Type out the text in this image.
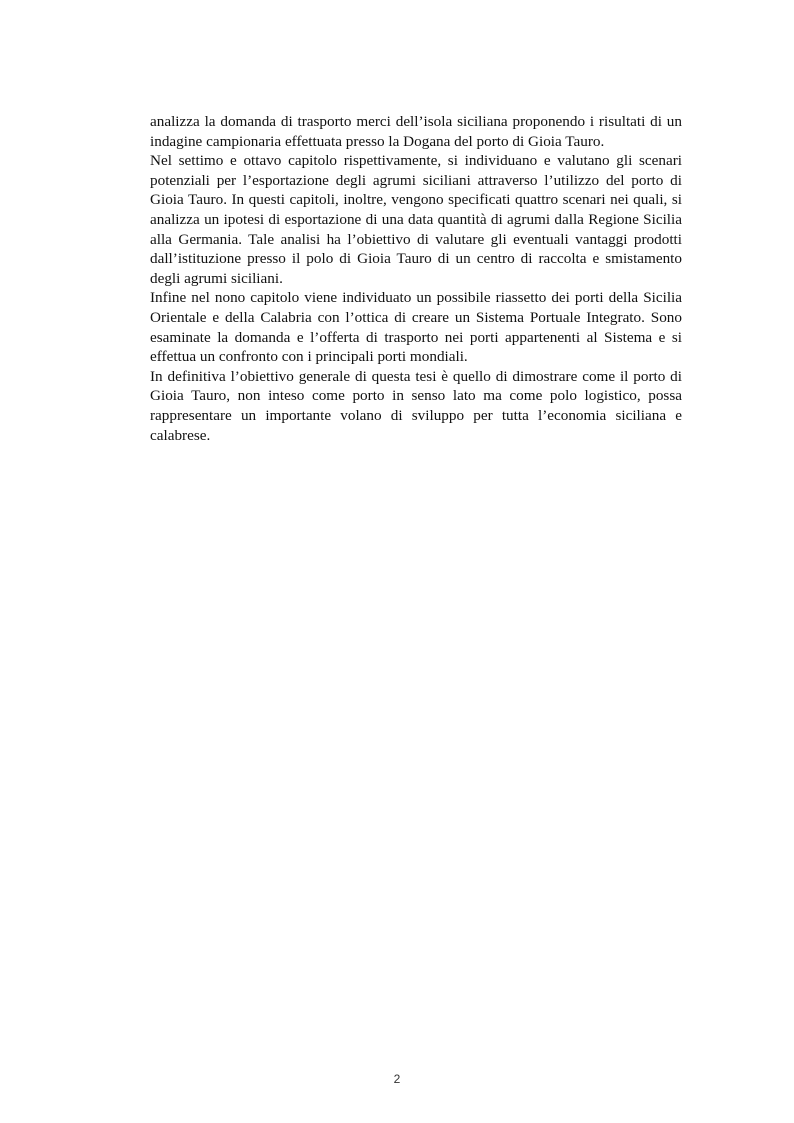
analizza la domanda di trasporto merci dell’isola siciliana proponendo i risultati di un indagine campionaria effettuata presso la Dogana del porto di Gioia Tauro.

Nel settimo e ottavo capitolo rispettivamente, si individuano e valutano gli scenari potenziali per l’esportazione degli agrumi siciliani attraverso l’utilizzo del porto di Gioia Tauro. In questi capitoli, inoltre, vengono specificati quattro scenari nei quali, si analizza un ipotesi di esportazione di una data quantità di agrumi dalla Regione Sicilia alla Germania. Tale analisi ha l’obiettivo di valutare gli eventuali vantaggi prodotti dall’istituzione presso il polo di Gioia Tauro di un centro di raccolta e smistamento degli agrumi siciliani.

Infine nel nono capitolo viene individuato un possibile riassetto dei porti della Sicilia Orientale e della Calabria con l’ottica di creare un Sistema Portuale Integrato. Sono esaminate la domanda e l’offerta di trasporto nei porti appartenenti al Sistema e si effettua un confronto con i principali porti mondiali.

In definitiva l’obiettivo generale di questa tesi è quello di dimostrare come il porto di Gioia Tauro, non inteso come porto in senso lato ma come polo logistico, possa rappresentare un importante volano di sviluppo per tutta l’economia siciliana e calabrese.

2
